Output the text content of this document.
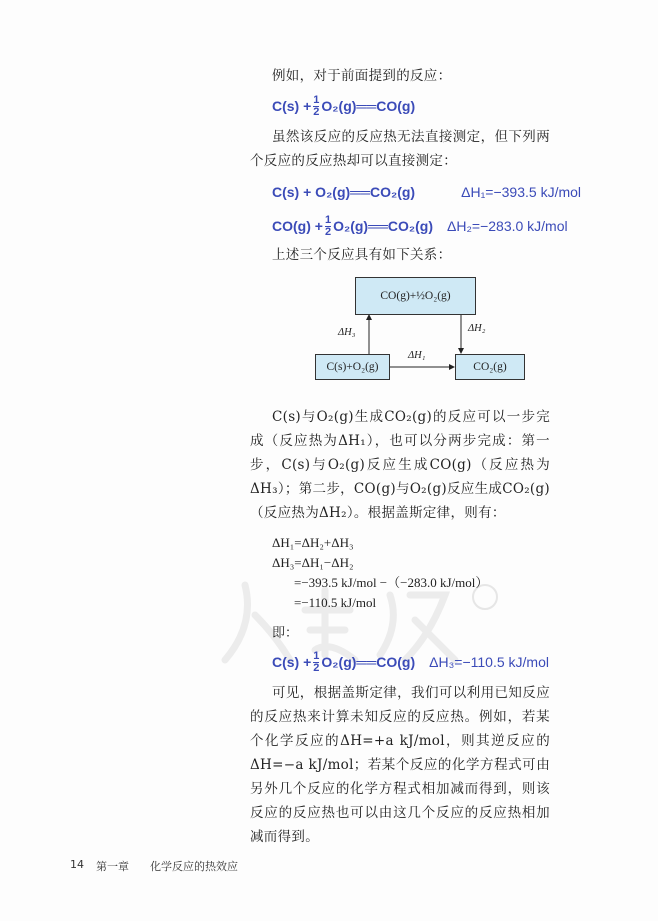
例如，对于前面提到的反应：
$C(s) + \frac{1}{2}$ O₂(g)══CO(g)
虽然该反应的反应热无法直接测定，但下列两个反应的反应热却可以直接测定：
C(s) + O₂(g)══CO₂(g)	ΔH₁=−393.5 kJ/mol
$CO(g) + \frac{1}{2}$ O₂(g)══CO₂(g) ΔH₂=−283.0 kJ/mol
上述三个反应具有如下关系：
CO(g)+½O₂(g)
C(s)+O₂(g)	CO₂(g)
ΔH₃	ΔH₂
ΔH₁
C(s)与O₂(g)生成CO₂(g)的反应可以一步完成（反应热为ΔH₁），也可以分两步完成：第一步，C(s)与O₂(g)反应生成CO(g)（反应热为ΔH₃）；第二步，CO(g)与O₂(g)反应生成CO₂(g)（反应热为ΔH₂）。根据盖斯定律，则有：
ΔH₁=ΔH₂+ΔH₃
ΔH₃=ΔH₁−ΔH₂
=−393.5 kJ/mol −（−283.0 kJ/mol）
=−110.5 kJ/mol
即：
$C(s) + \frac{1}{2}$ O₂(g)══CO(g) ΔH₃=−110.5 kJ/mol
可见，根据盖斯定律，我们可以利用已知反应的反应热来计算未知反应的反应热。例如，若某个化学反应的ΔH=+a kJ/mol，则其逆反应的ΔH=−a kJ/mol；若某个反应的化学方程式可由另外几个反应的化学方程式相加减而得到，则该反应的反应热也可以由这几个反应的反应热相加减而得到。
14 第一章 化学反应的热效应
